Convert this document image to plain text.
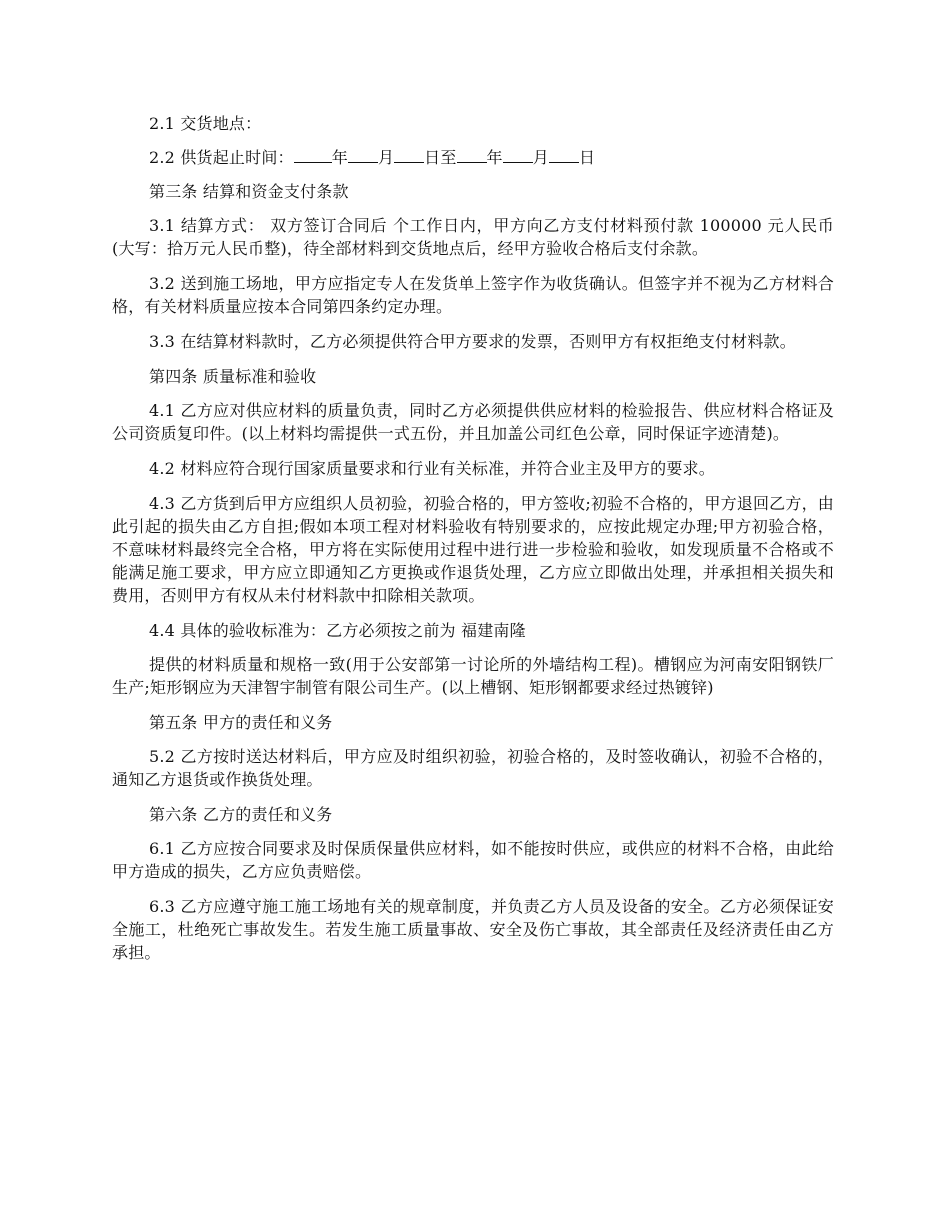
2.1 交货地点：

2.2 供货起止时间： 年 月 日至 年 月 日

第三条 结算和资金支付条款

3.1 结算方式： 双方签订合同后 个工作日内，甲方向乙方支付材料预付款 100000 元人民币(大写：拾万元人民币整)，待全部材料到交货地点后，经甲方验收合格后支付余款。

3.2 送到施工场地，甲方应指定专人在发货单上签字作为收货确认。但签字并不视为乙方材料合格，有关材料质量应按本合同第四条约定办理。

3.3 在结算材料款时，乙方必须提供符合甲方要求的发票，否则甲方有权拒绝支付材料款。

第四条 质量标准和验收

4.1 乙方应对供应材料的质量负责，同时乙方必须提供供应材料的检验报告、供应材料合格证及公司资质复印件。(以上材料均需提供一式五份，并且加盖公司红色公章，同时保证字迹清楚)。

4.2 材料应符合现行国家质量要求和行业有关标准，并符合业主及甲方的要求。

4.3 乙方货到后甲方应组织人员初验，初验合格的，甲方签收;初验不合格的，甲方退回乙方，由此引起的损失由乙方自担;假如本项工程对材料验收有特别要求的，应按此规定办理;甲方初验合格，不意味材料最终完全合格，甲方将在实际使用过程中进行进一步检验和验收，如发现质量不合格或不能满足施工要求，甲方应立即通知乙方更换或作退货处理，乙方应立即做出处理，并承担相关损失和费用，否则甲方有权从未付材料款中扣除相关款项。

4.4 具体的验收标准为：乙方必须按之前为 福建南隆

提供的材料质量和规格一致(用于公安部第一讨论所的外墙结构工程)。槽钢应为河南安阳钢铁厂生产;矩形钢应为天津智宇制管有限公司生产。(以上槽钢、矩形钢都要求经过热镀锌)

第五条 甲方的责任和义务

5.2 乙方按时送达材料后，甲方应及时组织初验，初验合格的，及时签收确认，初验不合格的，通知乙方退货或作换货处理。

第六条 乙方的责任和义务

6.1 乙方应按合同要求及时保质保量供应材料，如不能按时供应，或供应的材料不合格，由此给甲方造成的损失，乙方应负责赔偿。

6.3 乙方应遵守施工施工场地有关的规章制度，并负责乙方人员及设备的安全。乙方必须保证安全施工，杜绝死亡事故发生。若发生施工质量事故、安全及伤亡事故，其全部责任及经济责任由乙方承担。
